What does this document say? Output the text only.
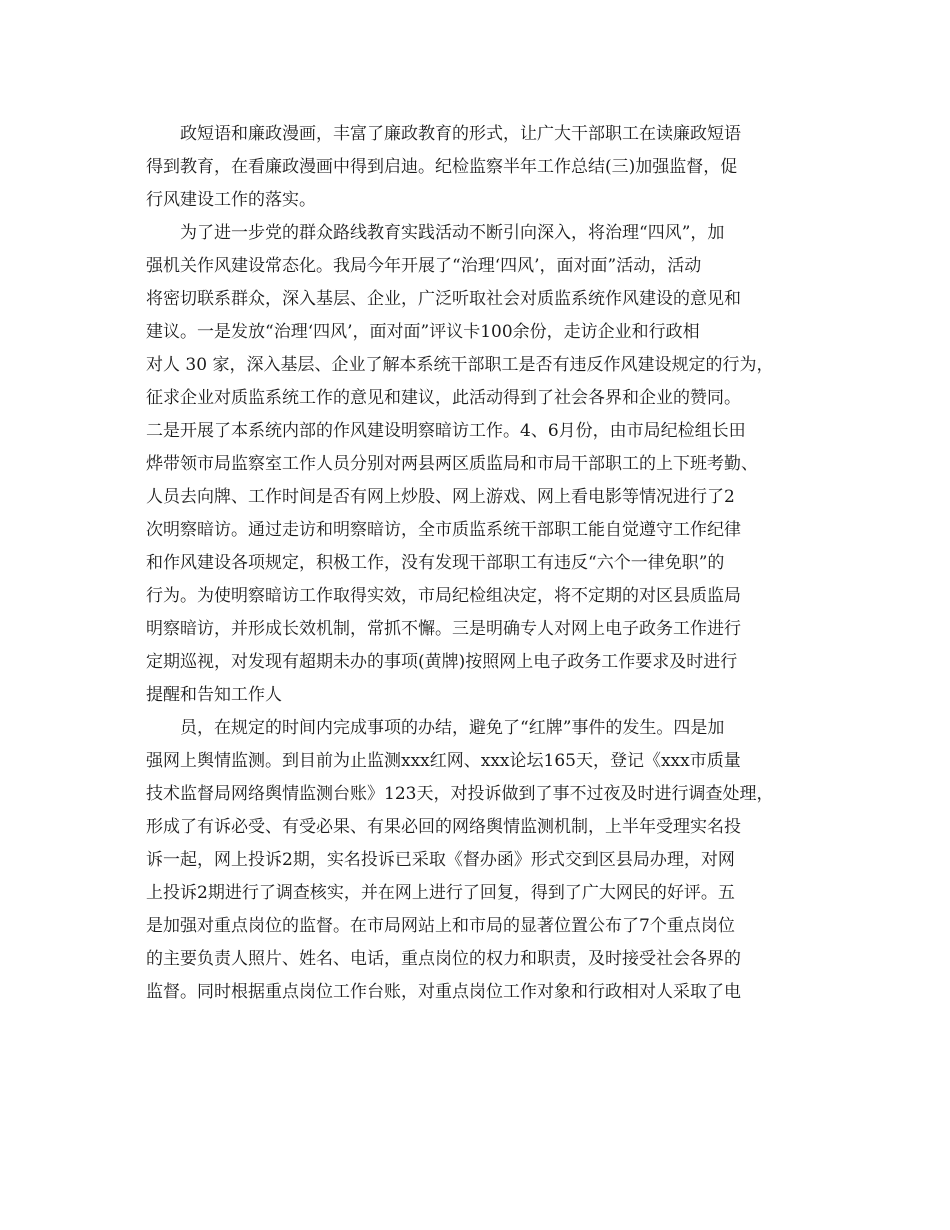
政短语和廉政漫画，丰富了廉政教育的形式，让广大干部职工在读廉政短语
得到教育，在看廉政漫画中得到启迪。纪检监察半年工作总结(三)加强监督，促
行风建设工作的落实。
为了进一步党的群众路线教育实践活动不断引向深入，将治理“四风”，加
强机关作风建设常态化。我局今年开展了“治理‘四风’，面对面”活动，活动
将密切联系群众，深入基层、企业，广泛听取社会对质监系统作风建设的意见和
建议。一是发放“治理‘四风’，面对面”评议卡100余份，走访企业和行政相
对人 30 家，深入基层、企业了解本系统干部职工是否有违反作风建设规定的行为，
征求企业对质监系统工作的意见和建议，此活动得到了社会各界和企业的赞同。
二是开展了本系统内部的作风建设明察暗访工作。4、6月份，由市局纪检组长田
烨带领市局监察室工作人员分别对两县两区质监局和市局干部职工的上下班考勤、
人员去向牌、工作时间是否有网上炒股、网上游戏、网上看电影等情况进行了2
次明察暗访。通过走访和明察暗访，全市质监系统干部职工能自觉遵守工作纪律
和作风建设各项规定，积极工作，没有发现干部职工有违反“六个一律免职”的
行为。为使明察暗访工作取得实效，市局纪检组决定，将不定期的对区县质监局
明察暗访，并形成长效机制，常抓不懈。三是明确专人对网上电子政务工作进行
定期巡视，对发现有超期未办的事项(黄牌)按照网上电子政务工作要求及时进行
提醒和告知工作人
员，在规定的时间内完成事项的办结，避免了“红牌”事件的发生。四是加
强网上舆情监测。到目前为止监测xxx红网、xxx论坛165天，登记《xxx市质量
技术监督局网络舆情监测台账》123天，对投诉做到了事不过夜及时进行调查处理，
形成了有诉必受、有受必果、有果必回的网络舆情监测机制，上半年受理实名投
诉一起，网上投诉2期，实名投诉已采取《督办函》形式交到区县局办理，对网
上投诉2期进行了调查核实，并在网上进行了回复，得到了广大网民的好评。五
是加强对重点岗位的监督。在市局网站上和市局的显著位置公布了7个重点岗位
的主要负责人照片、姓名、电话，重点岗位的权力和职责，及时接受社会各界的
监督。同时根据重点岗位工作台账，对重点岗位工作对象和行政相对人采取了电
